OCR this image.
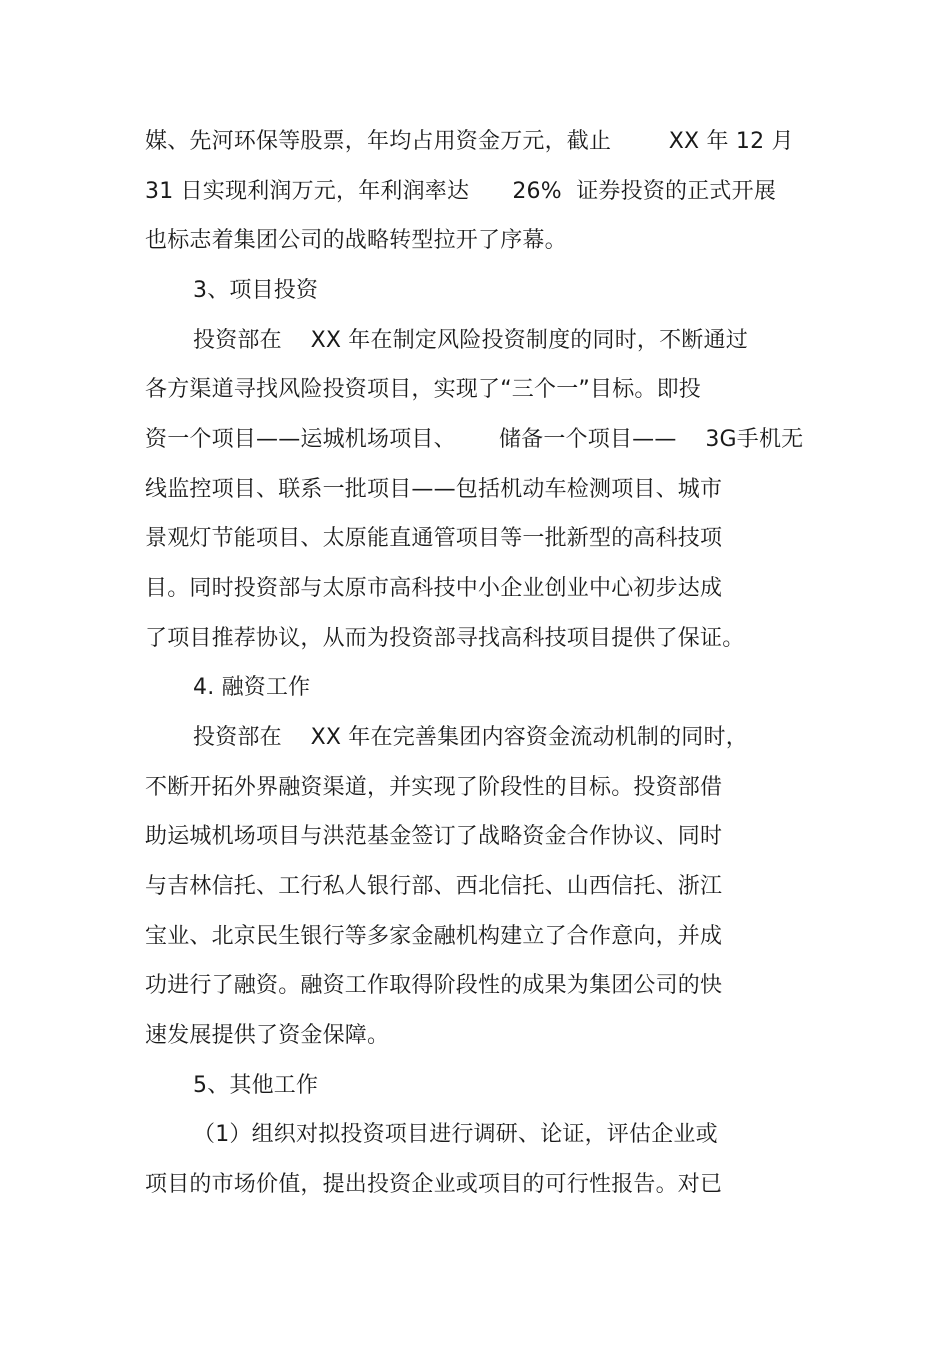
媒、先河环保等股票，年均占用资金万元，截止        XX 年 12 月
31 日实现利润万元，年利润率达      26%  证券投资的正式开展
也标志着集团公司的战略转型拉开了序幕。
3、项目投资
投资部在    XX 年在制定风险投资制度的同时，不断通过
各方渠道寻找风险投资项目，实现了“三个一”目标。即投
资一个项目——运城机场项目、      储备一个项目——    3G手机无
线监控项目、联系一批项目——包括机动车检测项目、城市
景观灯节能项目、太原能直通管项目等一批新型的高科技项
目。同时投资部与太原市高科技中小企业创业中心初步达成
了项目推荐协议，从而为投资部寻找高科技项目提供了保证。
4. 融资工作
投资部在    XX 年在完善集团内容资金流动机制的同时，
不断开拓外界融资渠道，并实现了阶段性的目标。投资部借
助运城机场项目与洪范基金签订了战略资金合作协议、同时
与吉林信托、工行私人银行部、西北信托、山西信托、浙江
宝业、北京民生银行等多家金融机构建立了合作意向，并成
功进行了融资。融资工作取得阶段性的成果为集团公司的快
速发展提供了资金保障。
5、其他工作
（1）组织对拟投资项目进行调研、论证，评估企业或
项目的市场价值，提出投资企业或项目的可行性报告。对已
